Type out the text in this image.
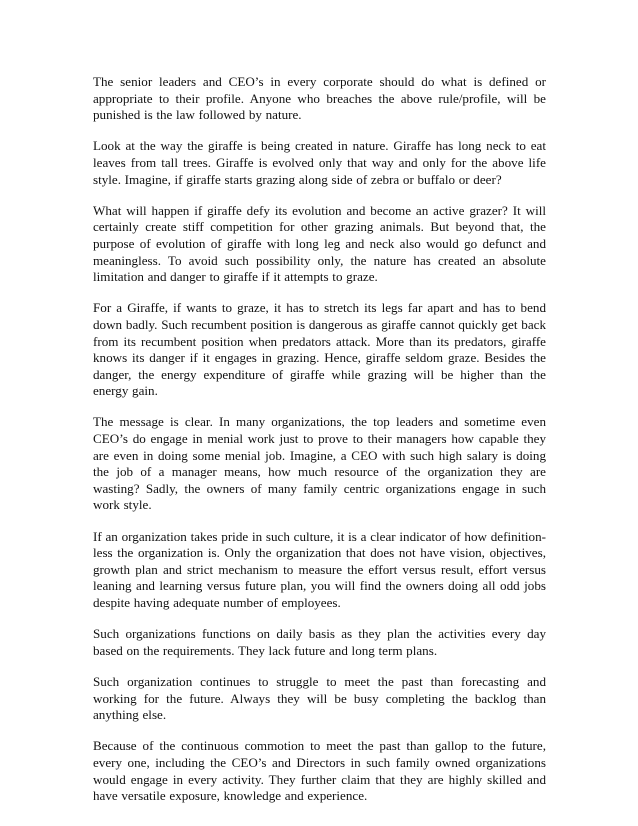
The senior leaders and CEO’s in every corporate should do what is defined or appropriate to their profile. Anyone who breaches the above rule/profile, will be punished is the law followed by nature.

Look at the way the giraffe is being created in nature. Giraffe has long neck to eat leaves from tall trees. Giraffe is evolved only that way and only for the above life style. Imagine, if giraffe starts grazing along side of zebra or buffalo or deer?

What will happen if giraffe defy its evolution and become an active grazer? It will certainly create stiff competition for other grazing animals. But beyond that, the purpose of evolution of giraffe with long leg and neck also would go defunct and meaningless. To avoid such possibility only, the nature has created an absolute limitation and danger to giraffe if it attempts to graze.

For a Giraffe, if wants to graze, it has to stretch its legs far apart and has to bend down badly. Such recumbent position is dangerous as giraffe cannot quickly get back from its recumbent position when predators attack. More than its predators, giraffe knows its danger if it engages in grazing. Hence, giraffe seldom graze. Besides the danger, the energy expenditure of giraffe while grazing will be higher than the energy gain.

The message is clear. In many organizations, the top leaders and sometime even CEO’s do engage in menial work just to prove to their managers how capable they are even in doing some menial job. Imagine, a CEO with such high salary is doing the job of a manager means, how much resource of the organization they are wasting? Sadly, the owners of many family centric organizations engage in such work style.

If an organization takes pride in such culture, it is a clear indicator of how definition-less the organization is. Only the organization that does not have vision, objectives, growth plan and strict mechanism to measure the effort versus result, effort versus leaning and learning versus future plan, you will find the owners doing all odd jobs despite having adequate number of employees.

Such organizations functions on daily basis as they plan the activities every day based on the requirements. They lack future and long term plans.

Such organization continues to struggle to meet the past than forecasting and working for the future. Always they will be busy completing the backlog than anything else.

Because of the continuous commotion to meet the past than gallop to the future, every one, including the CEO’s and Directors in such family owned organizations would engage in every activity. They further claim that they are highly skilled and have versatile exposure, knowledge and experience.
